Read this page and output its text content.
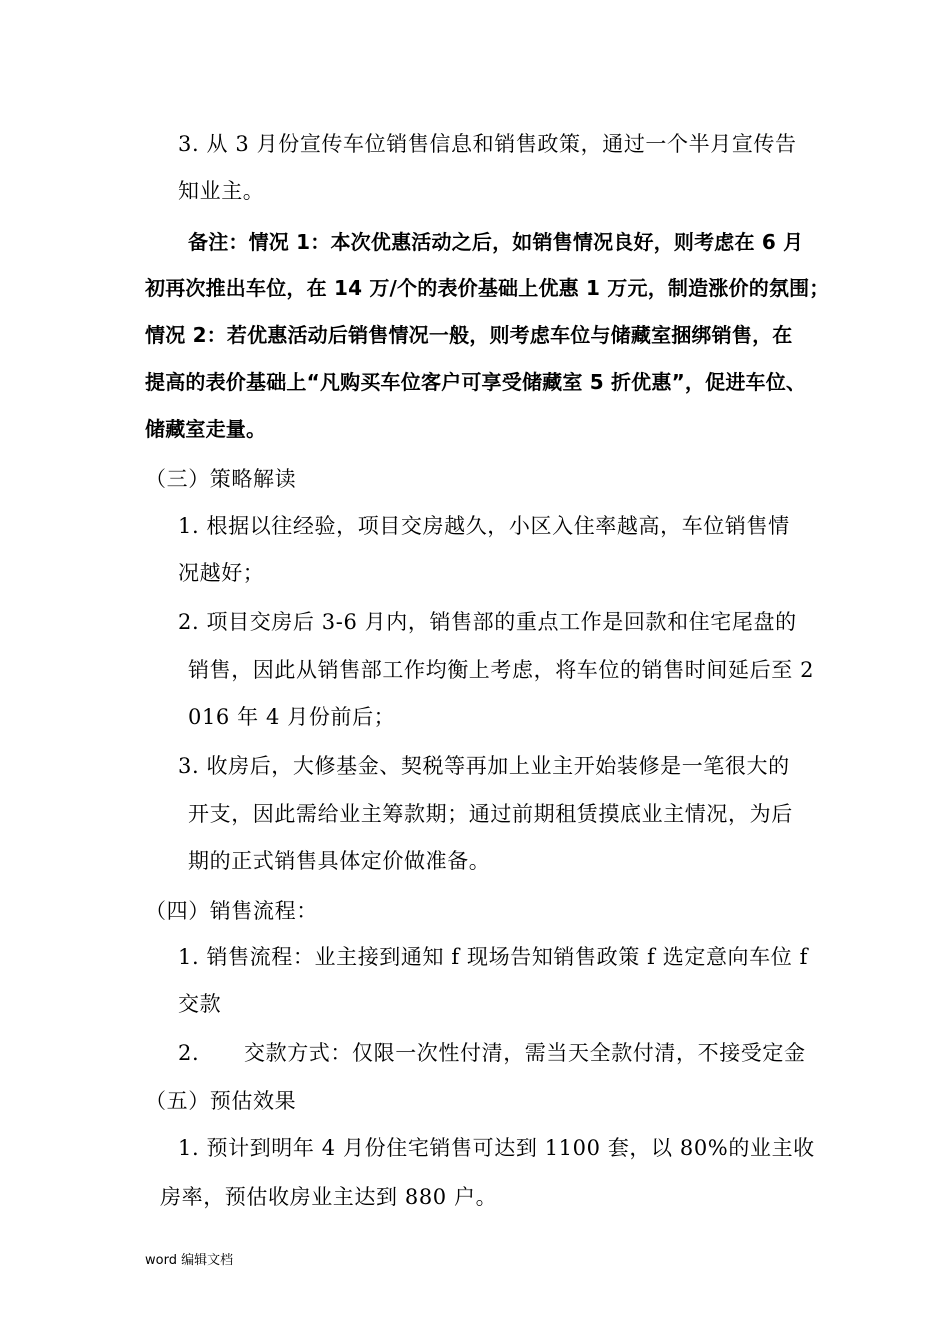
3. 从 3 月份宣传车位销售信息和销售政策，通过一个半月宣传告
知业主。
备注：情况 1：本次优惠活动之后，如销售情况良好，则考虑在 6 月
初再次推出车位，在 14 万/个的表价基础上优惠 1 万元，制造涨价的氛围；
情况 2：若优惠活动后销售情况一般，则考虑车位与储藏室捆绑销售，在
提高的表价基础上“凡购买车位客户可享受储藏室 5 折优惠”，促进车位、
储藏室走量。
（三）策略解读
1. 根据以往经验，项目交房越久，小区入住率越高，车位销售情
况越好；
2. 项目交房后 3-6 月内，销售部的重点工作是回款和住宅尾盘的
销售，因此从销售部工作均衡上考虑，将车位的销售时间延后至 2
016 年 4 月份前后；
3. 收房后，大修基金、契税等再加上业主开始装修是一笔很大的
开支，因此需给业主筹款期；通过前期租赁摸底业主情况，为后
期的正式销售具体定价做准备。
（四）销售流程：
1. 销售流程：业主接到通知 f 现场告知销售政策 f 选定意向车位 f
交款
2. 交款方式：仅限一次性付清，需当天全款付清，不接受定金
（五）预估效果
1. 预计到明年 4 月份住宅销售可达到 1100 套，以 80%的业主收
房率，预估收房业主达到 880 户。
word 编辑文档
